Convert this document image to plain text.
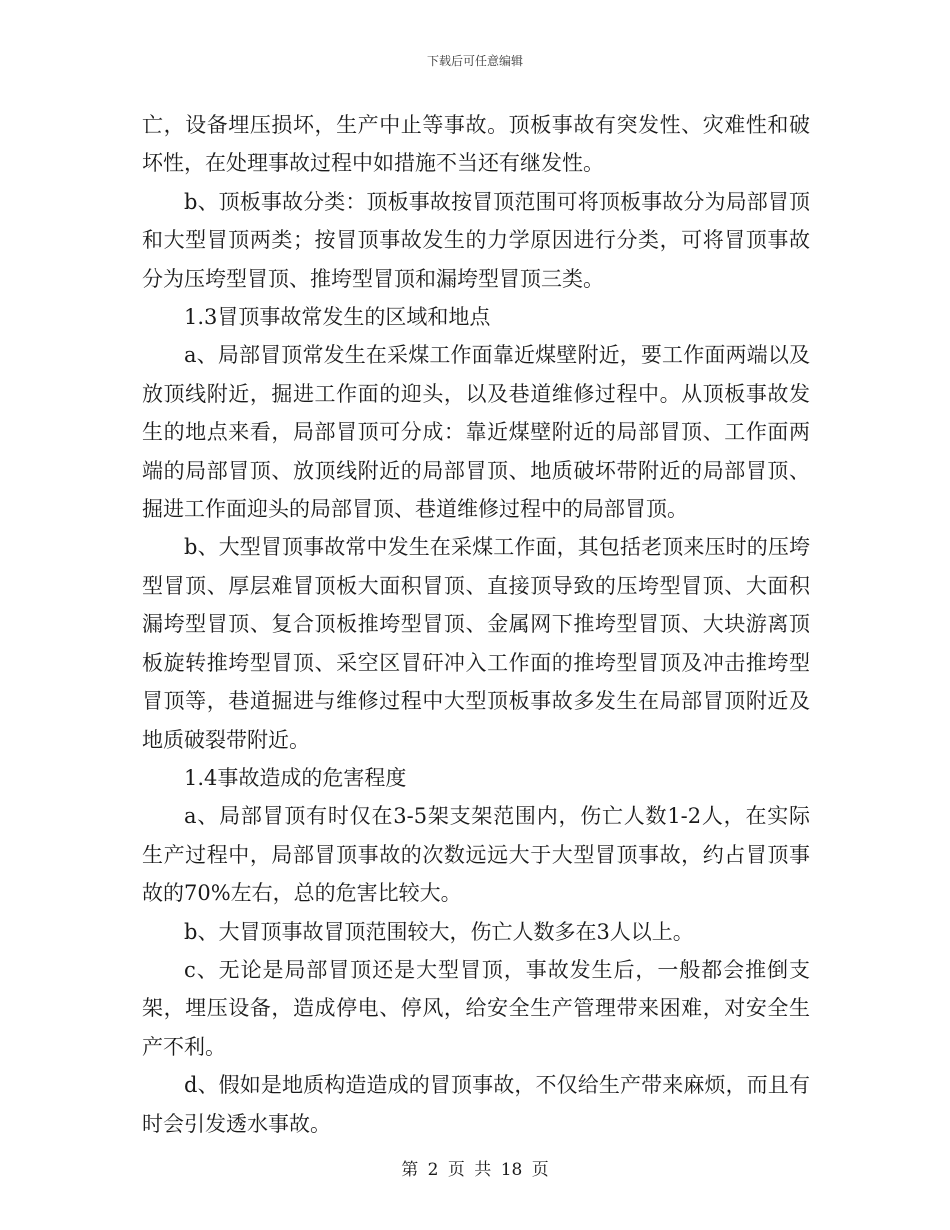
下载后可任意编辑

亡，设备埋压损坏，生产中止等事故。顶板事故有突发性、灾难性和破坏性，在处理事故过程中如措施不当还有继发性。

b、顶板事故分类：顶板事故按冒顶范围可将顶板事故分为局部冒顶和大型冒顶两类；按冒顶事故发生的力学原因进行分类，可将冒顶事故分为压垮型冒顶、推垮型冒顶和漏垮型冒顶三类。

1.3冒顶事故常发生的区域和地点

a、局部冒顶常发生在采煤工作面靠近煤壁附近，要工作面两端以及放顶线附近，掘进工作面的迎头，以及巷道维修过程中。从顶板事故发生的地点来看，局部冒顶可分成：靠近煤壁附近的局部冒顶、工作面两端的局部冒顶、放顶线附近的局部冒顶、地质破坏带附近的局部冒顶、掘进工作面迎头的局部冒顶、巷道维修过程中的局部冒顶。

b、大型冒顶事故常中发生在采煤工作面，其包括老顶来压时的压垮型冒顶、厚层难冒顶板大面积冒顶、直接顶导致的压垮型冒顶、大面积漏垮型冒顶、复合顶板推垮型冒顶、金属网下推垮型冒顶、大块游离顶板旋转推垮型冒顶、采空区冒矸冲入工作面的推垮型冒顶及冲击推垮型冒顶等，巷道掘进与维修过程中大型顶板事故多发生在局部冒顶附近及地质破裂带附近。

1.4事故造成的危害程度

a、局部冒顶有时仅在3-5架支架范围内，伤亡人数1-2人，在实际生产过程中，局部冒顶事故的次数远远大于大型冒顶事故，约占冒顶事故的70%左右，总的危害比较大。

b、大冒顶事故冒顶范围较大，伤亡人数多在3人以上。

c、无论是局部冒顶还是大型冒顶，事故发生后，一般都会推倒支架，埋压设备，造成停电、停风，给安全生产管理带来困难，对安全生产不利。

d、假如是地质构造造成的冒顶事故，不仅给生产带来麻烦，而且有时会引发透水事故。

第 2 页 共 18 页
